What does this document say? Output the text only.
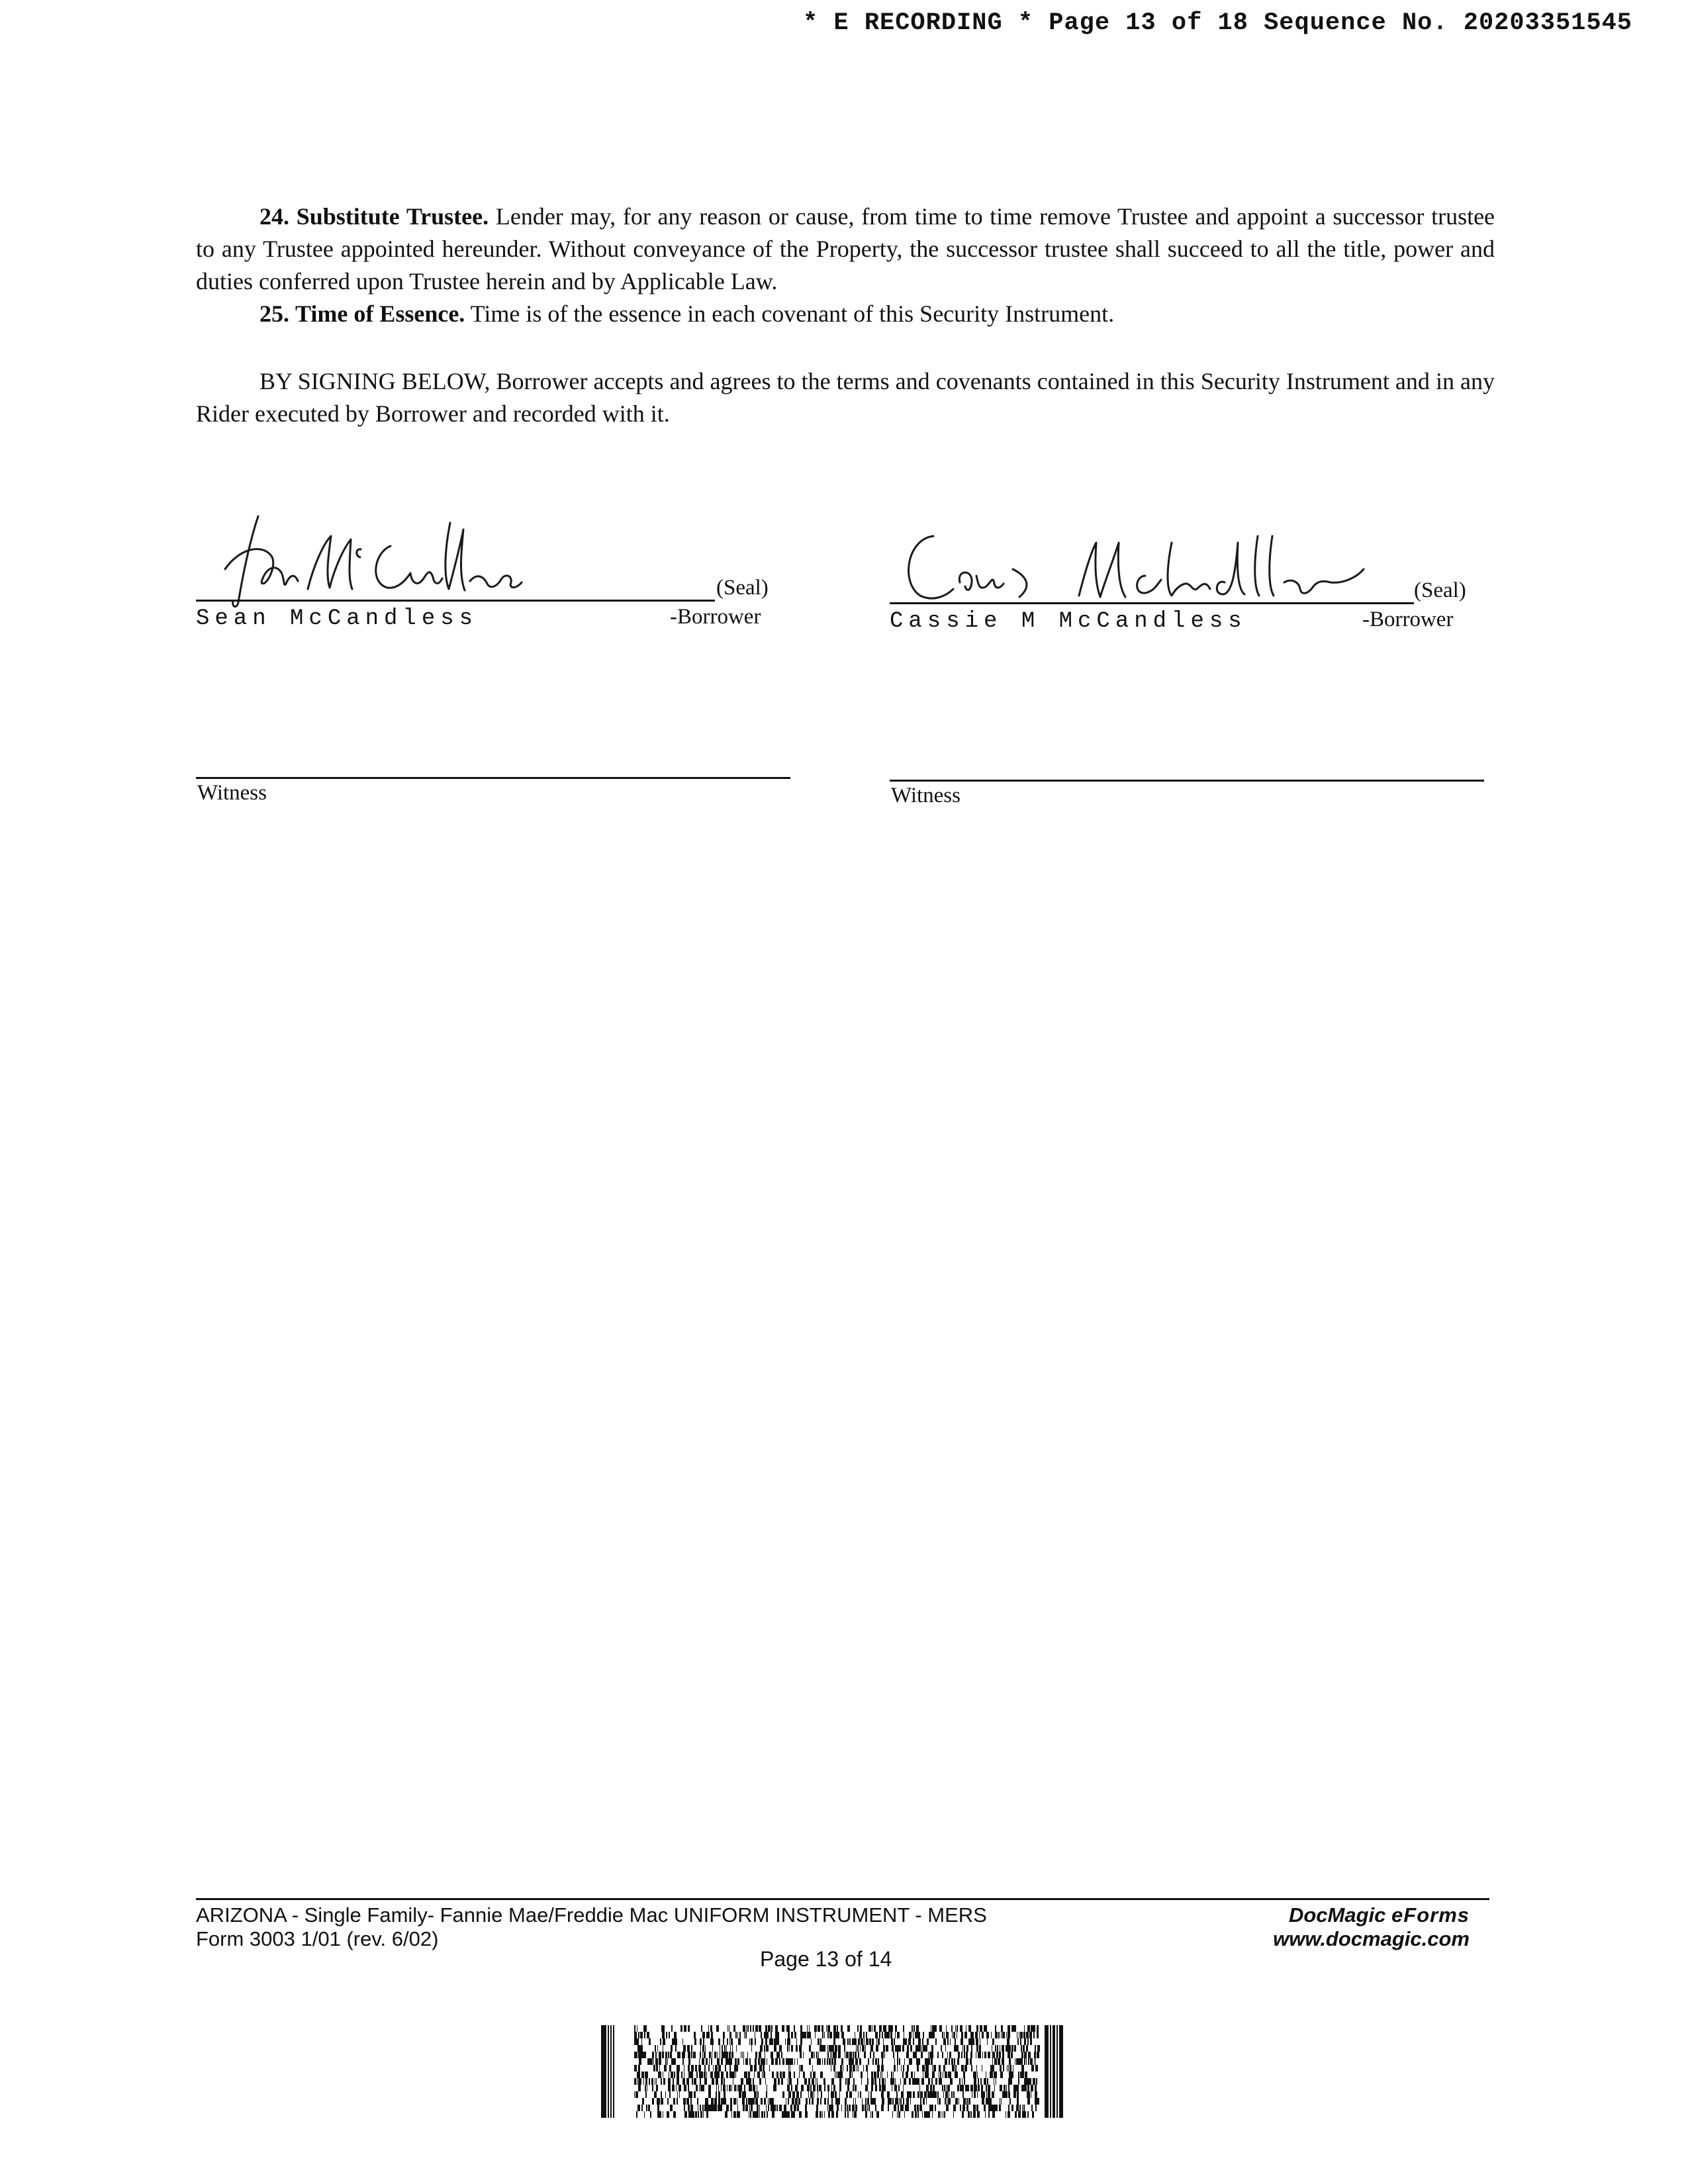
* E RECORDING * Page 13 of 18 Sequence No. 20203351545

24. Substitute Trustee. Lender may, for any reason or cause, from time to time remove Trustee and appoint a successor trustee to any Trustee appointed hereunder. Without conveyance of the Property, the successor trustee shall succeed to all the title, power and duties conferred upon Trustee herein and by Applicable Law.

25. Time of Essence. Time is of the essence in each covenant of this Security Instrument.

BY SIGNING BELOW, Borrower accepts and agrees to the terms and covenants contained in this Security Instrument and in any Rider executed by Borrower and recorded with it.

(Seal)
Sean McCandless	-Borrower
(Seal)
Cassie M McCandless	-Borrower
Witness	Witness
ARIZONA - Single Family- Fannie Mae/Freddie Mac UNIFORM INSTRUMENT - MERS
Form 3003 1/01 (rev. 6/02)
DocMagic eForms
www.docmagic.com
Page 13 of 14
